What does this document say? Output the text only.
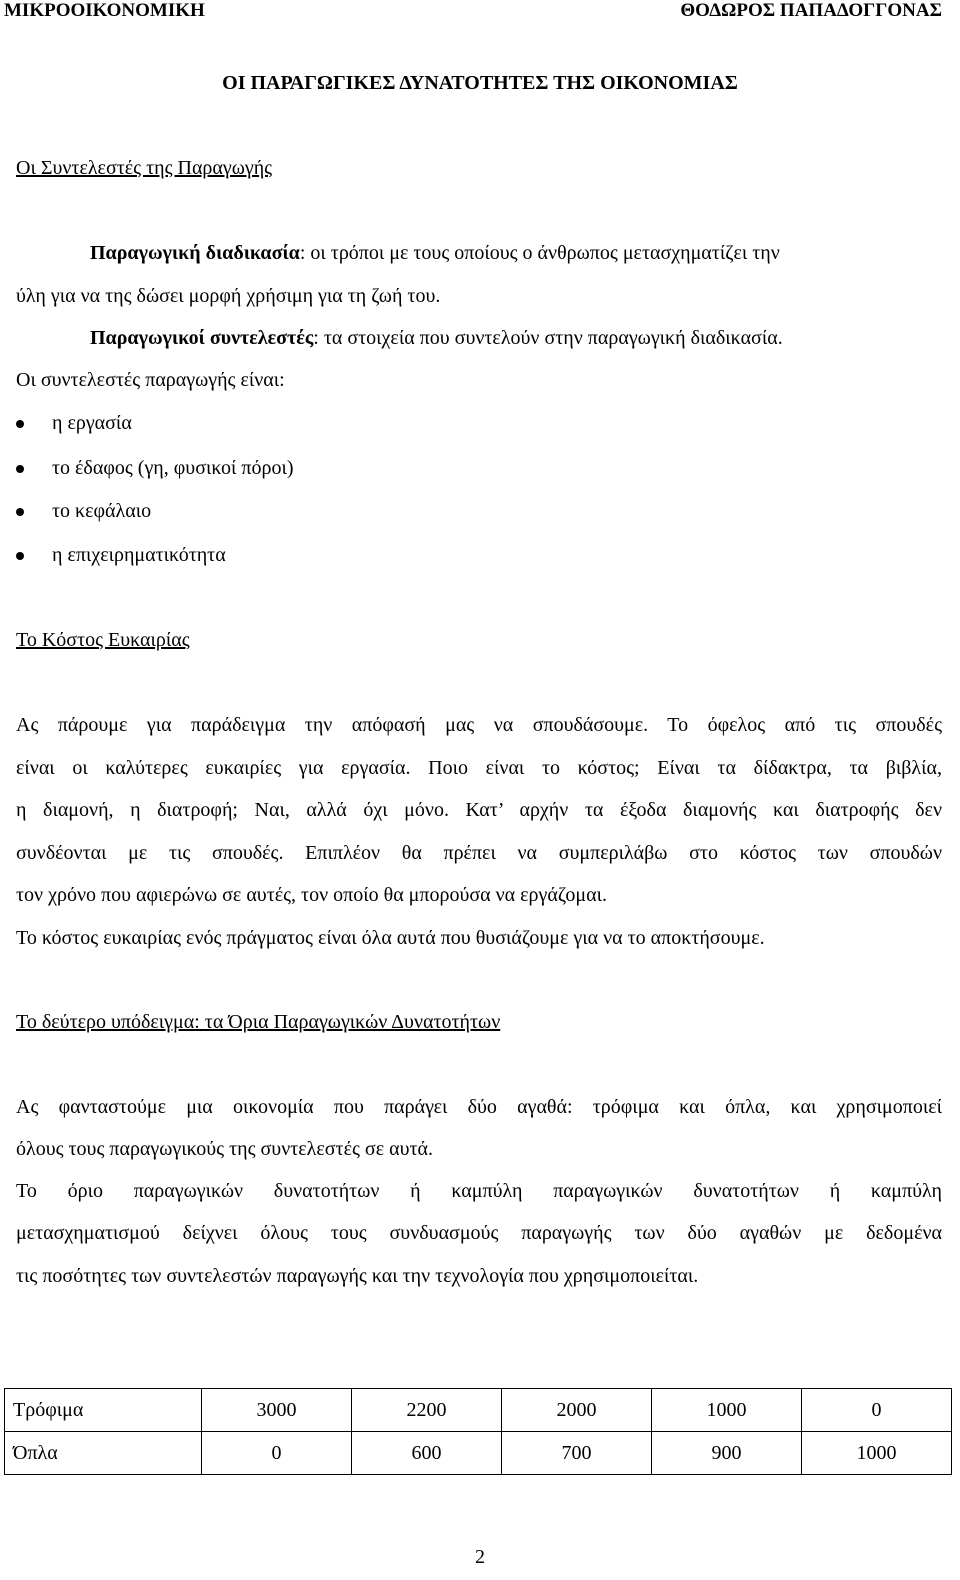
ΜΙΚΡΟΟΙΚΟΝΟΜΙΚΗ	ΘΟΔΩΡΟΣ ΠΑΠΑΔΟΓΓΟΝΑΣ
ΟΙ ΠΑΡΑΓΩΓΙΚΕΣ ΔΥΝΑΤΟΤΗΤΕΣ ΤΗΣ ΟΙΚΟΝΟΜΙΑΣ
Οι Συντελεστές της Παραγωγής
Παραγωγική διαδικασία: οι τρόποι με τους οποίους ο άνθρωπος μετασχηματίζει την
ύλη για να της δώσει μορφή χρήσιμη για τη ζωή του.
Παραγωγικοί συντελεστές: τα στοιχεία που συντελούν στην παραγωγική διαδικασία.
Οι συντελεστές παραγωγής είναι:
η εργασία
το έδαφος (γη, φυσικοί πόροι)
το κεφάλαιο
η επιχειρηματικότητα
Το Κόστος Ευκαιρίας
Ας πάρουμε για παράδειγμα την απόφασή μας να σπουδάσουμε. Το όφελος από τις σπουδές
είναι οι καλύτερες ευκαιρίες για εργασία. Ποιο είναι το κόστος; Είναι τα δίδακτρα, τα βιβλία,
η διαμονή, η διατροφή; Ναι, αλλά όχι μόνο. Κατ’ αρχήν τα έξοδα διαμονής και διατροφής δεν
συνδέονται με τις σπουδές. Επιπλέον θα πρέπει να συμπεριλάβω στο κόστος των σπουδών
τον χρόνο που αφιερώνω σε αυτές, τον οποίο θα μπορούσα να εργάζομαι.
Το κόστος ευκαιρίας ενός πράγματος είναι όλα αυτά που θυσιάζουμε για να το αποκτήσουμε.
Το δεύτερο υπόδειγμα: τα Όρια Παραγωγικών Δυνατοτήτων
Ας φανταστούμε μια οικονομία που παράγει δύο αγαθά: τρόφιμα και όπλα, και χρησιμοποιεί
όλους τους παραγωγικούς της συντελεστές σε αυτά.
Το όριο παραγωγικών δυνατοτήτων ή καμπύλη παραγωγικών δυνατοτήτων ή καμπύλη
μετασχηματισμού δείχνει όλους τους συνδυασμούς παραγωγής των δύο αγαθών με δεδομένα
τις ποσότητες των συντελεστών παραγωγής και την τεχνολογία που χρησιμοποιείται.
Τρόφιμα	3000	2200	2000	1000	0
Όπλα	0	600	700	900	1000
2
